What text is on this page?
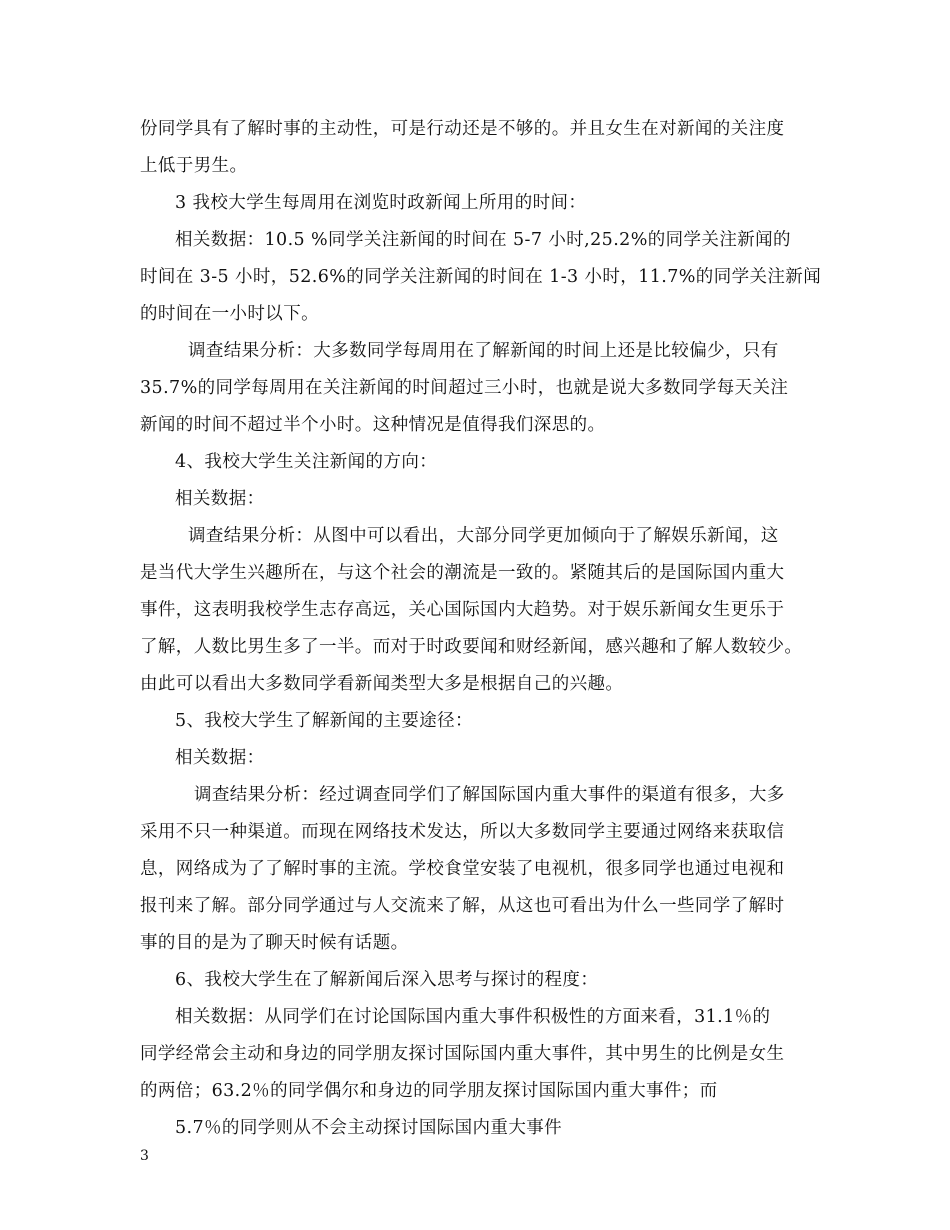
份同学具有了解时事的主动性，可是行动还是不够的。并且女生在对新闻的关注度
上低于男生。
3 我校大学生每周用在浏览时政新闻上所用的时间：
相关数据：10.5 %同学关注新闻的时间在 5-7 小时,25.2%的同学关注新闻的
时间在 3-5 小时，52.6%的同学关注新闻的时间在 1-3 小时，11.7%的同学关注新闻
的时间在一小时以下。
调查结果分析：大多数同学每周用在了解新闻的时间上还是比较偏少，只有
35.7%的同学每周用在关注新闻的时间超过三小时，也就是说大多数同学每天关注
新闻的时间不超过半个小时。这种情况是值得我们深思的。
4、我校大学生关注新闻的方向：
相关数据：
调查结果分析：从图中可以看出，大部分同学更加倾向于了解娱乐新闻，这
是当代大学生兴趣所在，与这个社会的潮流是一致的。紧随其后的是国际国内重大
事件，这表明我校学生志存高远，关心国际国内大趋势。对于娱乐新闻女生更乐于
了解，人数比男生多了一半。而对于时政要闻和财经新闻，感兴趣和了解人数较少。
由此可以看出大多数同学看新闻类型大多是根据自己的兴趣。
5、我校大学生了解新闻的主要途径：
相关数据：
调查结果分析：经过调查同学们了解国际国内重大事件的渠道有很多，大多
采用不只一种渠道。而现在网络技术发达，所以大多数同学主要通过网络来获取信
息，网络成为了了解时事的主流。学校食堂安装了电视机，很多同学也通过电视和
报刊来了解。部分同学通过与人交流来了解，从这也可看出为什么一些同学了解时
事的目的是为了聊天时候有话题。
6、我校大学生在了解新闻后深入思考与探讨的程度：
相关数据：从同学们在讨论国际国内重大事件积极性的方面来看，31.1％的
同学经常会主动和身边的同学朋友探讨国际国内重大事件，其中男生的比例是女生
的两倍；63.2％的同学偶尔和身边的同学朋友探讨国际国内重大事件；而
5.7％的同学则从不会主动探讨国际国内重大事件
3
